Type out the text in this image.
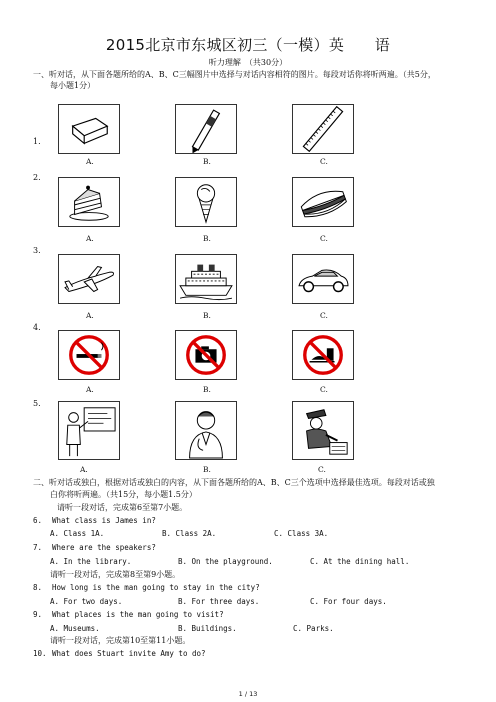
2015北京市东城区初三（一模）英　　语
听力理解　（共30分）
一、听对话，从下面各题所给的A、B、C三幅图片中选择与对话内容相符的图片。每段对话你将听两遍。（共5分，
每小题1分）
1.
A.	B.	C.
2.
A.	B.	C.
3.
A.	B.	C.
4.
A.	B.	C.
5.
A.	B.	C.
二、听对话或独白，根据对话或独白的内容，从下面各题所给的A、B、C三个选项中选择最佳选项。每段对话或独
白你将听两遍。（共15分，每小题1.5分）
请听一段对话，完成第6至第7小题。
6. What class is James in?
A. Class 1A.	B. Class 2A.	C. Class 3A.
7. Where are the speakers?
A. In the library.	B. On the playground.	C. At the dining hall.
请听一段对话，完成第8至第9小题。
8. How long is the man going to stay in the city?
A. For two days.	B. For three days.	C. For four days.
9. What places is the man going to visit?
A. Museums.	B. Buildings.	C. Parks.
请听一段对话，完成第10至第11小题。
10. What does Stuart invite Amy to do?
1 / 13
